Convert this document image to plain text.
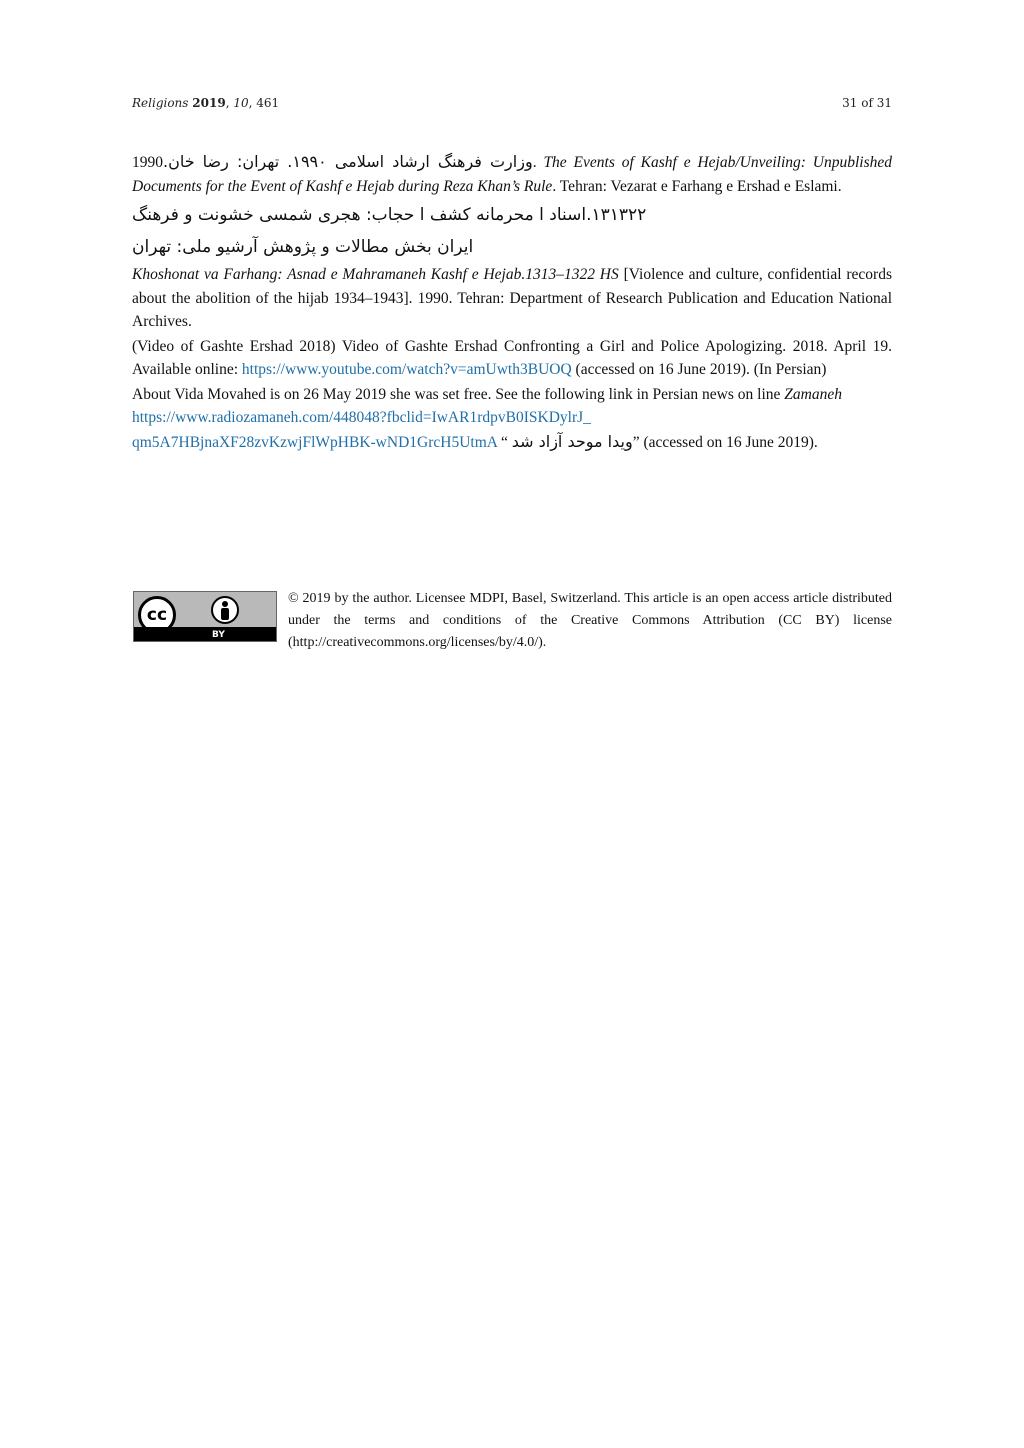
Religions 2019, 10, 461	31 of 31
وزارت فرهنگ ارشاد اسلامی ۱۹۹۰. تهران: رضا خان.1990. The Events of Kashf e Hejab/Unveiling: Unpublished Documents for the Event of Kashf e Hejab during Reza Khan’s Rule. Tehran: Vezarat e Farhang e Ershad e Eslami.
۱۳۱۳۲۲.اسناد ا محرمانه کشف ا حجاب: هجری شمسی خشونت و فرهنگ
ایران بخش مطالات و پژوهش آرشیو ملی: تهران
Khoshonat va Farhang: Asnad e Mahramaneh Kashf e Hejab.1313–1322 HS [Violence and culture, confidential records about the abolition of the hijab 1934–1943]. 1990. Tehran: Department of Research Publication and Education National Archives.
(Video of Gashte Ershad 2018) Video of Gashte Ershad Confronting a Girl and Police Apologizing. 2018. April 19. Available online: https://www.youtube.com/watch?v=amUwth3BUOQ (accessed on 16 June 2019). (In Persian)
About Vida Movahed is on 26 May 2019 she was set free. See the following link in Persian news on line Zamaneh
https://www.radiozamaneh.com/448048?fbclid=IwAR1rdpvB0ISKDylrJ_
qm5A7HBjnaXF28zvKzwjFlWpHBK-wND1GrcH5UtmA “ ویدا موحد آزاد شد” (accessed on 16 June 2019).
cc
BY
© 2019 by the author. Licensee MDPI, Basel, Switzerland. This article is an open access article distributed under the terms and conditions of the Creative Commons Attribution (CC BY) license (http://creativecommons.org/licenses/by/4.0/).
